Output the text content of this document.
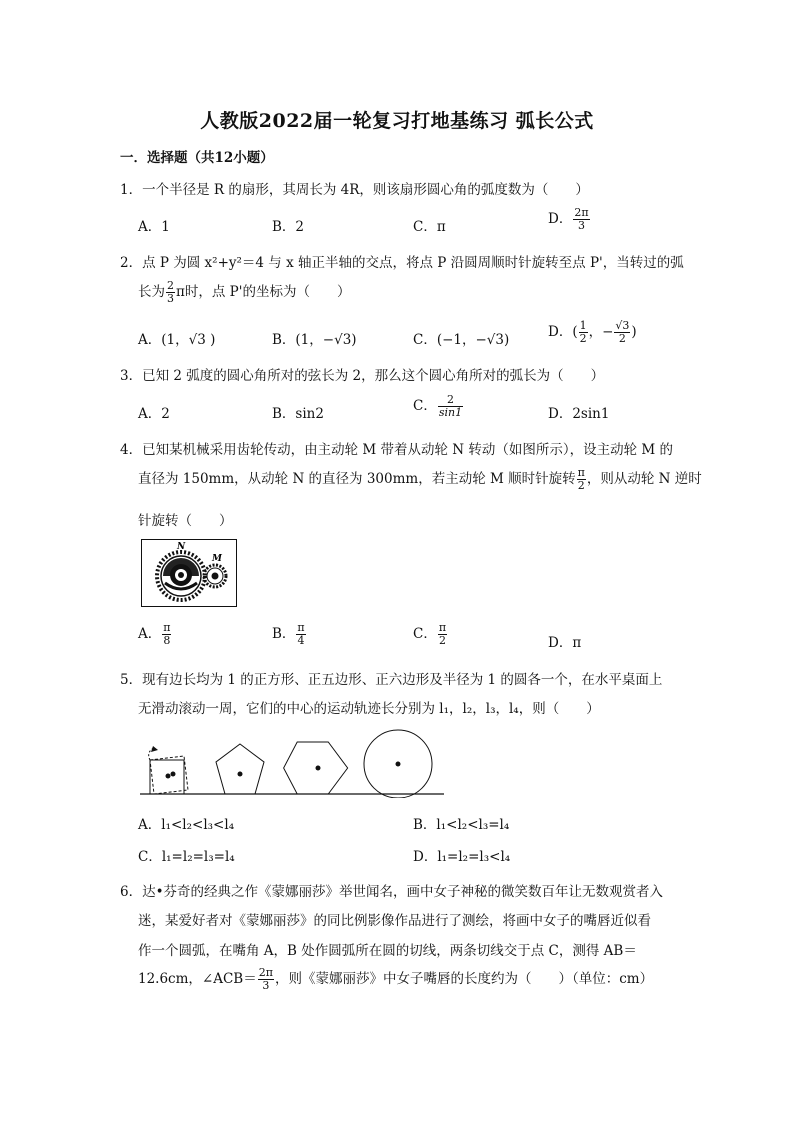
人教版2022届一轮复习打地基练习 弧长公式
一．选择题（共12小题）
1．一个半径是 R 的扇形，其周长为 4R，则该扇形圆心角的弧度数为（　　）
A．1	B．2	C．π	D． $\frac{2\pi}{3}$
2．点 P 为圆 x²+y²＝4 与 x 轴正半轴的交点，将点 P 沿圆周顺时针旋转至点 P'，当转过的弧
长为 $\frac{2}{3}$ π时，点 P'的坐标为（　　）
A．(1，√3 )	B．(1，−√3)	C．(−1，−√3)	D．( $\frac{1}{2}$ ，− $\frac{√3}{2}$ )
3．已知 2 弧度的圆心角所对的弦长为 2，那么这个圆心角所对的弧长为（　　）
A．2	B．sin2	C． $\frac{2}{\sin 1}$	D．2sin1
4．已知某机械采用齿轮传动，由主动轮 M 带着从动轮 N 转动（如图所示），设主动轮 M 的
直径为 150mm，从动轮 N 的直径为 300mm，若主动轮 M 顺时针旋转 $\frac{\pi}{2}$ ，则从动轮 N 逆时
针旋转（　　）
N
M
A． $\frac{\pi}{8}$	B． $\frac{\pi}{4}$	C． $\frac{\pi}{2}$	D．π
5．现有边长均为 1 的正方形、正五边形、正六边形及半径为 1 的圆各一个，在水平桌面上
无滑动滚动一周，它们的中心的运动轨迹长分别为 l₁，l₂，l₃，l₄，则（　　）
A．l₁<l₂<l₃<l₄	B．l₁<l₂<l₃=l₄
C．l₁=l₂=l₃=l₄	D．l₁=l₂=l₃<l₄
6．达•芬奇的经典之作《蒙娜丽莎》举世闻名，画中女子神秘的微笑数百年让无数观赏者入
迷，某爱好者对《蒙娜丽莎》的同比例影像作品进行了测绘，将画中女子的嘴唇近似看
作一个圆弧，在嘴角 A，B 处作圆弧所在圆的切线，两条切线交于点 C，测得 AB＝
12.6cm，∠ACB＝ $\frac{2\pi}{3}$ ，则《蒙娜丽莎》中女子嘴唇的长度约为（　　）（单位：cm）
